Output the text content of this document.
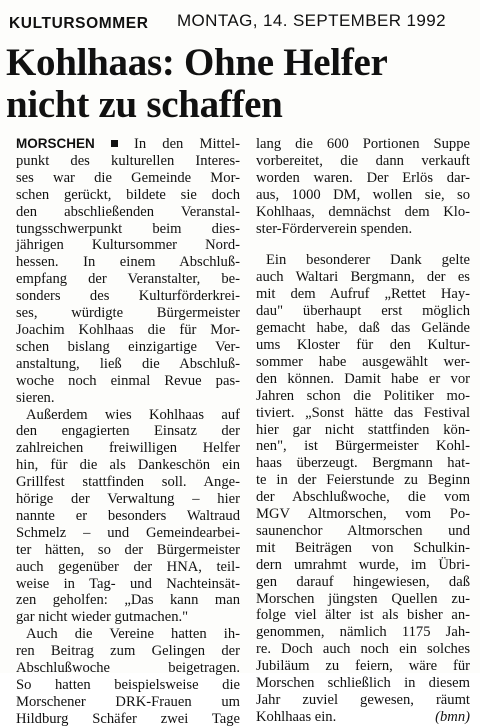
KULTURSOMMER MONTAG, 14. SEPTEMBER 1992
Kohlhaas: Ohne Helfer
nicht zu schaffen

MORSCHEN	In den Mittel-
punkt des kulturellen Interes-
ses war die Gemeinde Mor-
schen gerückt, bildete sie doch
den abschließenden Veranstal-
tungsschwerpunkt beim dies-
jährigen Kultursommer Nord-
hessen. In einem Abschluß-
empfang der Veranstalter, be-
sonders des Kulturförderkrei-
ses, würdigte Bürgermeister
Joachim Kohlhaas die für Mor-
schen bislang einzigartige Ver-
anstaltung, ließ die Abschluß-
woche noch einmal Revue pas-
sieren.

Außerdem wies Kohlhaas auf
den engagierten Einsatz der
zahlreichen freiwilligen Helfer
hin, für die als Dankeschön ein
Grillfest stattfinden soll. Ange-
hörige der Verwaltung – hier
nannte er besonders Waltraud
Schmelz – und Gemeindearbei-
ter hätten, so der Bürgermeister
auch gegenüber der HNA, teil-
weise in Tag- und Nachteinsät-
zen geholfen: „Das kann man
gar nicht wieder gutmachen."

Auch die Vereine hatten ih-
ren Beitrag zum Gelingen der
Abschlußwoche beigetragen.
So hatten beispielsweise die
Morschener DRK-Frauen um
Hildburg Schäfer zwei Tage

lang die 600 Portionen Suppe
vorbereitet, die dann verkauft
worden waren. Der Erlös dar-
aus, 1000 DM, wollen sie, so
Kohlhaas, demnächst dem Klo-
ster-Förderverein spenden.

Ein besonderer Dank gelte
auch Waltari Bergmann, der es
mit dem Aufruf „Rettet Hay-
dau" überhaupt erst möglich
gemacht habe, daß das Gelände
ums Kloster für den Kultur-
sommer habe ausgewählt wer-
den können. Damit habe er vor
Jahren schon die Politiker mo-
tiviert. „Sonst hätte das Festival
hier gar nicht stattfinden kön-
nen", ist Bürgermeister Kohl-
haas überzeugt. Bergmann hat-
te in der Feierstunde zu Beginn
der Abschlußwoche, die vom
MGV Altmorschen, vom Po-
saunenchor Altmorschen und
mit Beiträgen von Schulkin-
dern umrahmt wurde, im Übri-
gen darauf hingewiesen, daß
Morschen jüngsten Quellen zu-
folge viel älter ist als bisher an-
genommen, nämlich 1175 Jah-
re. Doch auch noch ein solches
Jubiläum zu feiern, wäre für
Morschen schließlich in diesem
Jahr zuviel gewesen, räumt
Kohlhaas ein.	(bmn)
